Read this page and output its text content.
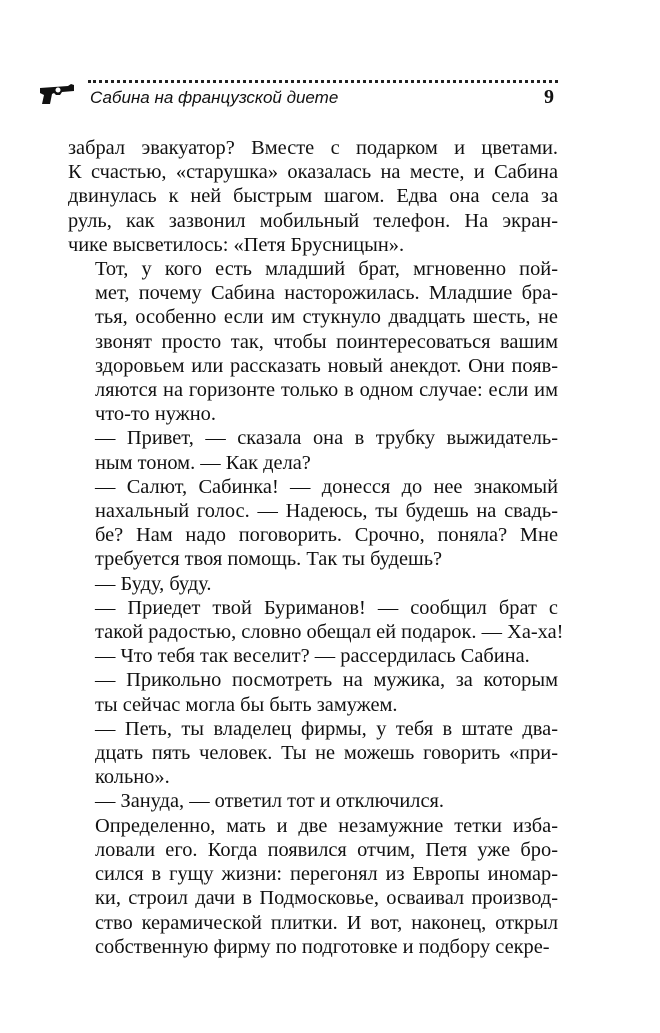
Сабина на французской диете	9

забрал эвакуатор? Вместе с подарком и цветами.
К счастью, «старушка» оказалась на месте, и Сабина
двинулась к ней быстрым шагом. Едва она села за
руль, как зазвонил мобильный телефон. На экран-
чике высветилось: «Петя Брусницын».

Тот, у кого есть младший брат, мгновенно пой-
мет, почему Сабина насторожилась. Младшие бра-
тья, особенно если им стукнуло двадцать шесть, не
звонят просто так, чтобы поинтересоваться вашим
здоровьем или рассказать новый анекдот. Они появ-
ляются на горизонте только в одном случае: если им
что-то нужно.

— Привет, — сказала она в трубку выжидатель-
ным тоном. — Как дела?

— Салют, Сабинка! — донесся до нее знакомый
нахальный голос. — Надеюсь, ты будешь на свадь-
бе? Нам надо поговорить. Срочно, поняла? Мне
требуется твоя помощь. Так ты будешь?

— Буду, буду.

— Приедет твой Буриманов! — сообщил брат с
такой радостью, словно обещал ей подарок. — Ха-ха!

— Что тебя так веселит? — рассердилась Сабина.

— Прикольно посмотреть на мужика, за которым
ты сейчас могла бы быть замужем.

— Петь, ты владелец фирмы, у тебя в штате два-
дцать пять человек. Ты не можешь говорить «при-
кольно».

— Зануда, — ответил тот и отключился.

Определенно, мать и две незамужние тетки изба-
ловали его. Когда появился отчим, Петя уже бро-
сился в гущу жизни: перегонял из Европы иномар-
ки, строил дачи в Подмосковье, осваивал производ-
ство керамической плитки. И вот, наконец, открыл
собственную фирму по подготовке и подбору секре-
